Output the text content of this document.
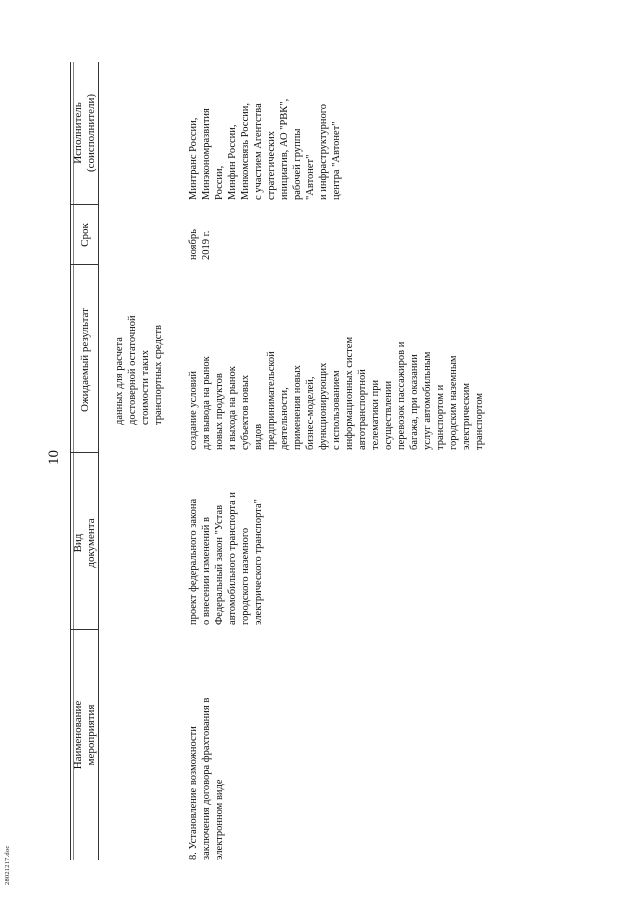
10
Наименование
мероприятия
Вид
документа
Ожидаемый результат
Срок
Исполнитель
(соисполнители)
данных для расчета
достоверной остаточной
стоимости таких
транспортных средств
8. Установление возможности
заключения договора фрахтования в
электронном виде
проект федерального закона
о внесении изменений в
Федеральный закон "Устав
автомобильного транспорта и
городского наземного
электрического транспорта"
создание условий
для вывода на рынок
новых продуктов
и выхода на рынок
субъектов новых
видов
предпринимательской
деятельности,
применения новых
бизнес-моделей,
функционирующих
с использованием
информационных систем
автотранспортной
телематики при
осуществлении
перевозок пассажиров и
багажа, при оказании
услуг автомобильным
транспортом и
городским наземным
электрическим
транспортом
ноябрь
2019 г.
Минтранс России,
Минэкономразвития
России,
Минфин России,
Минкомсвязь России,
с участием Агентства
стратегических
инициатив, АО "РВК",
рабочей группы
"Автонет"
и инфраструктурного
центра "Автонет"
28021217.doc
